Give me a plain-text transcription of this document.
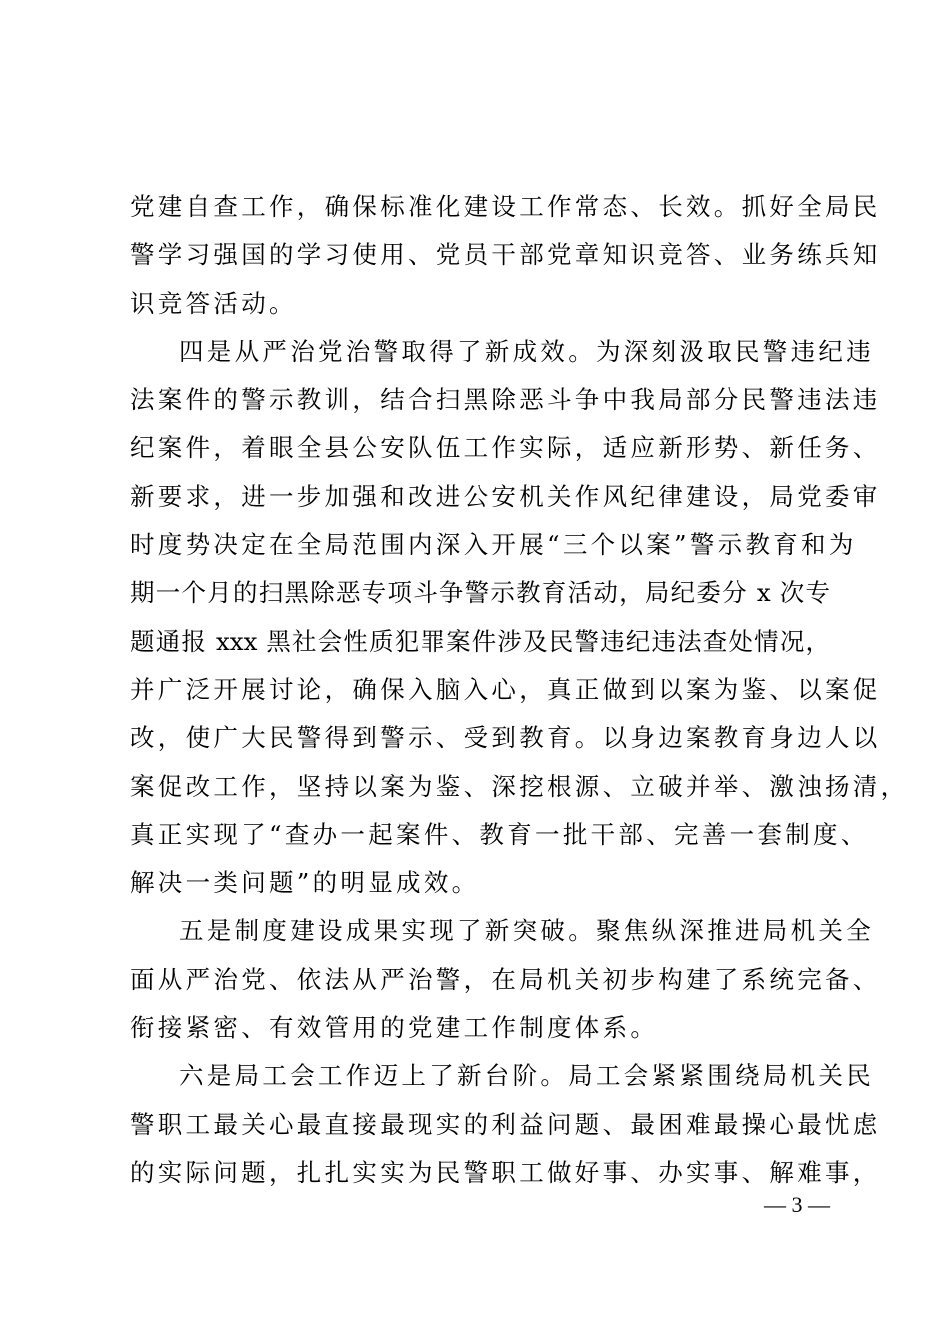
党建自查工作，确保标准化建设工作常态、长效。抓好全局民
警学习强国的学习使用、党员干部党章知识竞答、业务练兵知
识竞答活动。
四是从严治党治警取得了新成效。为深刻汲取民警违纪违
法案件的警示教训，结合扫黑除恶斗争中我局部分民警违法违
纪案件，着眼全县公安队伍工作实际，适应新形势、新任务、
新要求，进一步加强和改进公安机关作风纪律建设，局党委审
时度势决定在全局范围内深入开展“三个以案”警示教育和为
期一个月的扫黑除恶专项斗争警示教育活动，局纪委分 x 次专
题通报 xxx 黑社会性质犯罪案件涉及民警违纪违法查处情况，
并广泛开展讨论，确保入脑入心，真正做到以案为鉴、以案促
改，使广大民警得到警示、受到教育。以身边案教育身边人以
案促改工作，坚持以案为鉴、深挖根源、立破并举、激浊扬清，
真正实现了“查办一起案件、教育一批干部、完善一套制度、
解决一类问题”的明显成效。
五是制度建设成果实现了新突破。聚焦纵深推进局机关全
面从严治党、依法从严治警，在局机关初步构建了系统完备、
衔接紧密、有效管用的党建工作制度体系。
六是局工会工作迈上了新台阶。局工会紧紧围绕局机关民
警职工最关心最直接最现实的利益问题、最困难最操心最忧虑
的实际问题，扎扎实实为民警职工做好事、办实事、解难事，
— 3 —
